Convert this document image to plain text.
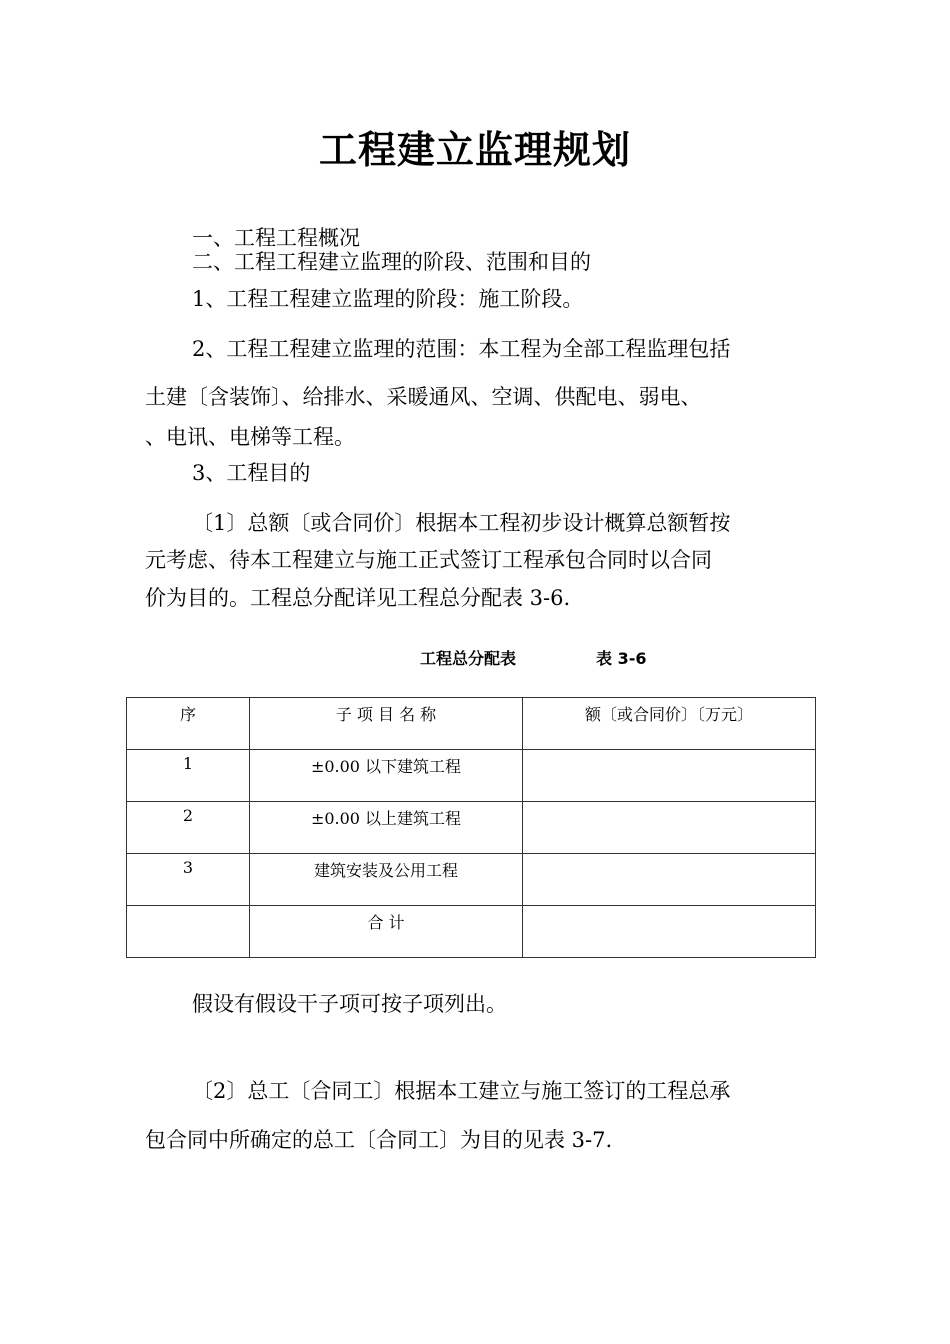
工程建立监理规划
一、工程工程概况
二、工程工程建立监理的阶段、范围和目的
1、工程工程建立监理的阶段：施工阶段。
2、工程工程建立监理的范围：本工程为全部工程监理包括
土建〔含装饰〕、给排水、采暖通风、空调、供配电、弱电、
、电讯、电梯等工程。
3、工程目的
〔1〕总额〔或合同价〕根据本工程初步设计概算总额暂按
元考虑、待本工程建立与施工正式签订工程承包合同时以合同
价为目的。工程总分配详见工程总分配表 3-6.
工程总分配表	表 3-6
序	子 项 目 名 称	额〔或合同价〕〔万元〕
1	±0.00 以下建筑工程	
2	±0.00 以上建筑工程	
3	建筑安装及公用工程	
	合 计	
假设有假设干子项可按子项列出。
〔2〕总工〔合同工〕根据本工建立与施工签订的工程总承
包合同中所确定的总工〔合同工〕为目的见表 3-7.
